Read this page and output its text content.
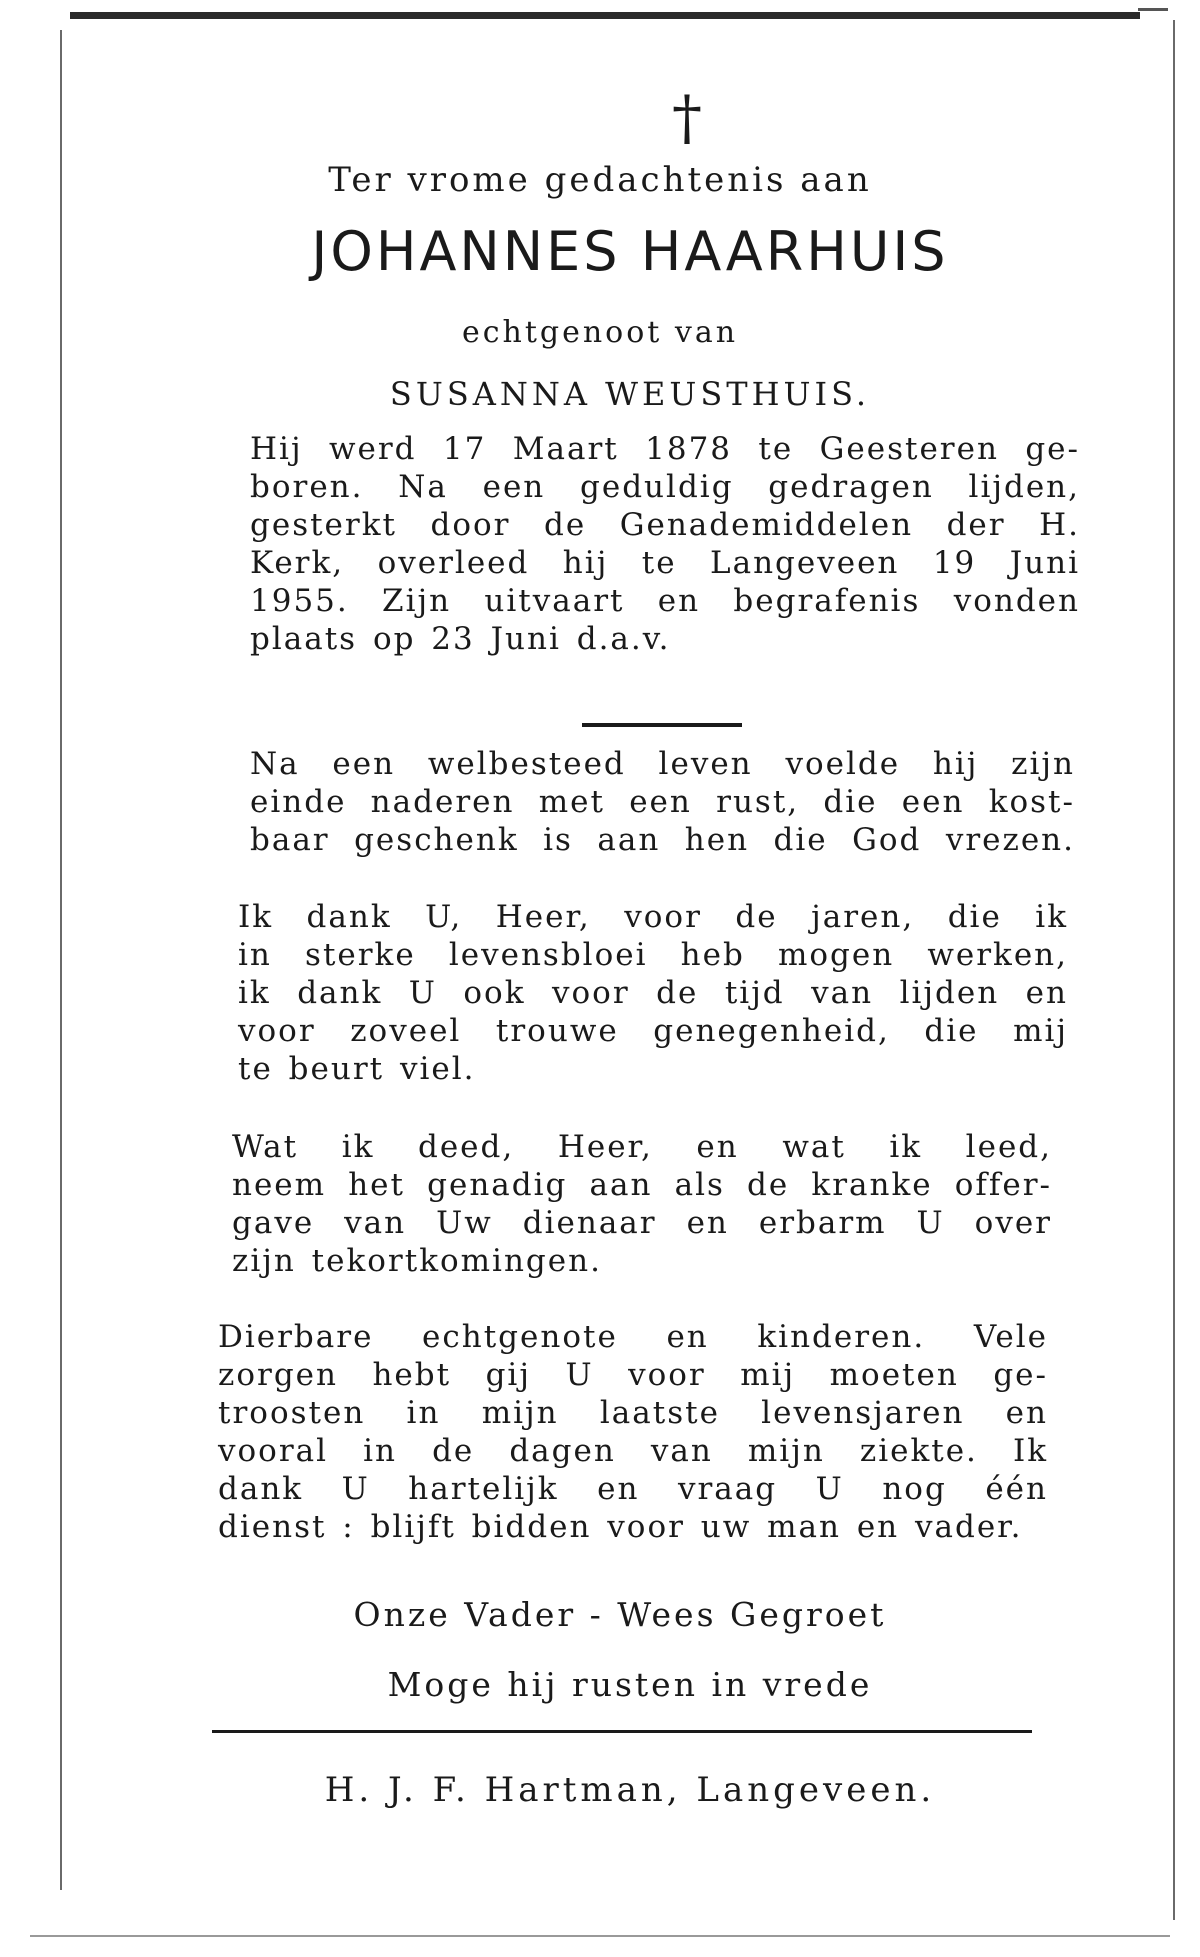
†
Ter vrome gedachtenis aan
JOHANNES HAARHUIS
echtgenoot van
SUSANNA WEUSTHUIS.
Hij werd 17 Maart 1878 te Geesteren ge-
boren. Na een geduldig gedragen lijden,
gesterkt door de Genademiddelen der H.
Kerk, overleed hij te Langeveen 19 Juni
1955. Zijn uitvaart en begrafenis vonden
plaats op 23 Juni d.a.v.
Na een welbesteed leven voelde hij zijn
einde naderen met een rust, die een kost-
baar geschenk is aan hen die God vrezen.
Ik dank U, Heer, voor de jaren, die ik
in sterke levensbloei heb mogen werken,
ik dank U ook voor de tijd van lijden en
voor zoveel trouwe genegenheid, die mij
te beurt viel.
Wat ik deed, Heer, en wat ik leed,
neem het genadig aan als de kranke offer-
gave van Uw dienaar en erbarm U over
zijn tekortkomingen.
Dierbare echtgenote en kinderen. Vele
zorgen hebt gij U voor mij moeten ge-
troosten in mijn laatste levensjaren en
vooral in de dagen van mijn ziekte. Ik
dank U hartelijk en vraag U nog één
dienst : blijft bidden voor uw man en vader.
Onze Vader - Wees Gegroet
Moge hij rusten in vrede
H. J. F. Hartman, Langeveen.
